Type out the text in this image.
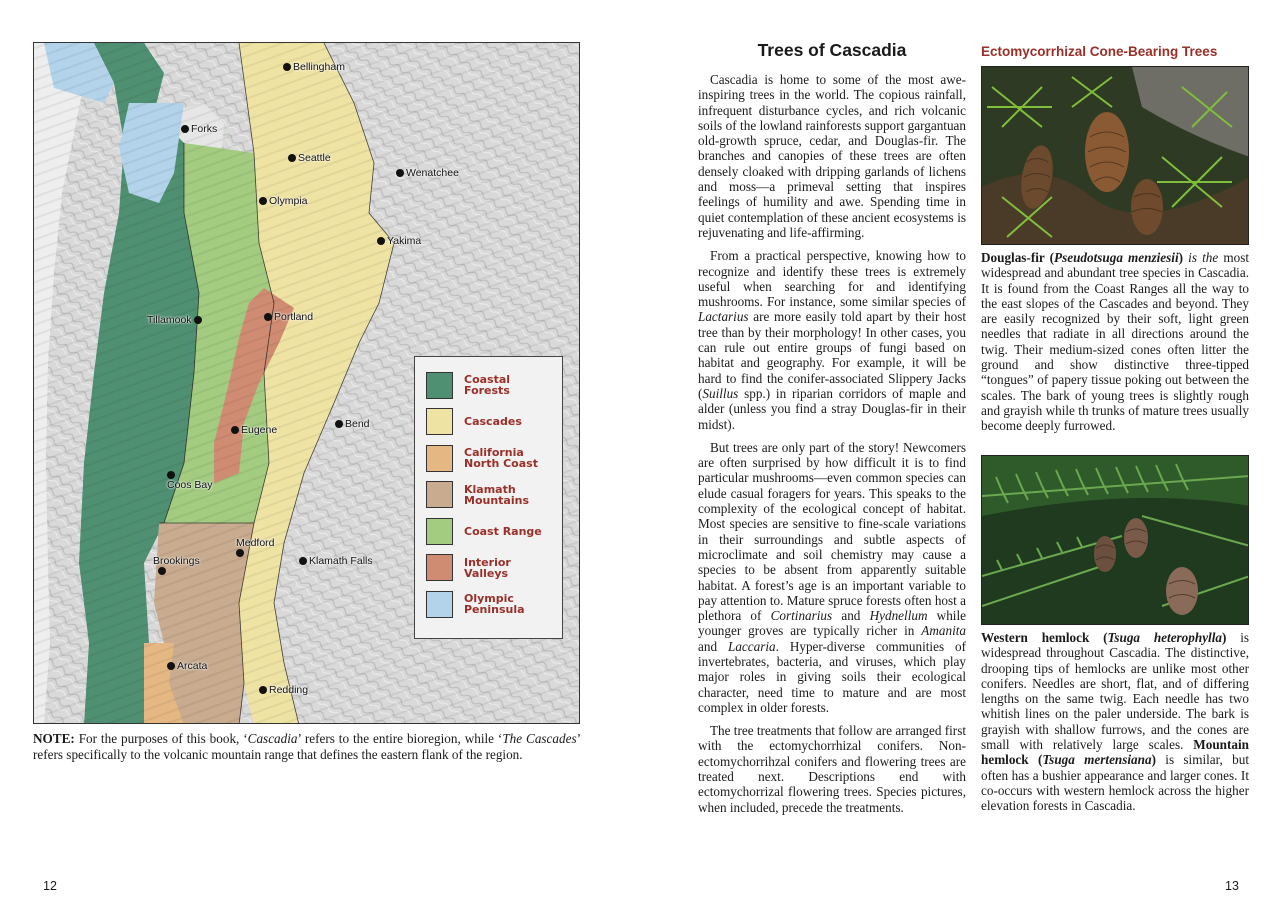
Bellingham
Forks
Seattle
Wenatchee
Olympia
Yakima
Tillamook	Portland
Bend
Eugene
Coos Bay
Medford
Brookings	Klamath Falls
Arcata
Redding
Coastal Forests
Cascades
California North Coast
Klamath Mountains
Coast Range
Interior Valleys
Olympic Peninsula

NOTE: For the purposes of this book, ‘Cascadia’ refers to the entire bioregion, while ‘The Cascades’ refers specifically to the volcanic mountain range that defines the eastern flank of the region.

12
Trees of Cascadia	Ectomycorrhizal Cone-Bearing Trees

Cascadia is home to some of the most awe-inspiring trees in the world. The copious rainfall, infrequent disturbance cycles, and rich volcanic soils of the lowland rainforests support gargantuan old-growth spruce, cedar, and Douglas-fir. The branches and canopies of these trees are often densely cloaked with dripping garlands of lichens and moss—a primeval setting that inspires feelings of humility and awe. Spending time in quiet contemplation of these ancient ecosystems is rejuvenating and life-affirming.

From a practical perspective, knowing how to recognize and identify these trees is extremely useful when searching for and identifying mushrooms. For instance, some similar species of Lactarius are more easily told apart by their host tree than by their morphology! In other cases, you can rule out entire groups of fungi based on habitat and geography. For example, it will be hard to find the conifer-associated Slippery Jacks (Suillus spp.) in riparian corridors of maple and alder (unless you find a stray Douglas-fir in their midst).

But trees are only part of the story! Newcomers are often surprised by how difficult it is to find particular mushrooms—even common species can elude casual foragers for years. This speaks to the complexity of the ecological concept of habitat. Most species are sensitive to fine-scale variations in their surroundings and subtle aspects of microclimate and soil chemistry may cause a species to be absent from apparently suitable habitat. A forest’s age is an important variable to pay attention to. Mature spruce forests often host a plethora of Cortinarius and Hydnellum while younger groves are typically richer in Amanita and Laccaria. Hyper-diverse communities of invertebrates, bacteria, and viruses, which play major roles in giving soils their ecological character, need time to mature and are most complex in older forests.

The tree treatments that follow are arranged first with the ectomychorrhizal conifers. Non-ectomychorrihzal conifers and flowering trees are treated next. Descriptions end with ectomychorrizal flowering trees. Species pictures, when included, precede the treatments.

Douglas-fir (Pseudotsuga menziesii) is the most widespread and abundant tree species in Cascadia. It is found from the Coast Ranges all the way to the east slopes of the Cascades and beyond. They are easily recognized by their soft, light green needles that radiate in all directions around the twig. Their medium-sized cones often litter the ground and show distinctive three-tipped “tongues” of papery tissue poking out between the scales. The bark of young trees is slightly rough and grayish while th trunks of mature trees usually become deeply furrowed.

Western hemlock (Tsuga heterophylla) is widespread throughout Cascadia. The distinctive, drooping tips of hemlocks are unlike most other conifers. Needles are short, flat, and of differing lengths on the same twig. Each needle has two whitish lines on the paler underside. The bark is grayish with shallow furrows, and the cones are small with relatively large scales. Mountain hemlock (Tsuga mertensiana) is similar, but often has a bushier appearance and larger cones. It co-occurs with western hemlock across the higher elevation forests in Cascadia.

13
